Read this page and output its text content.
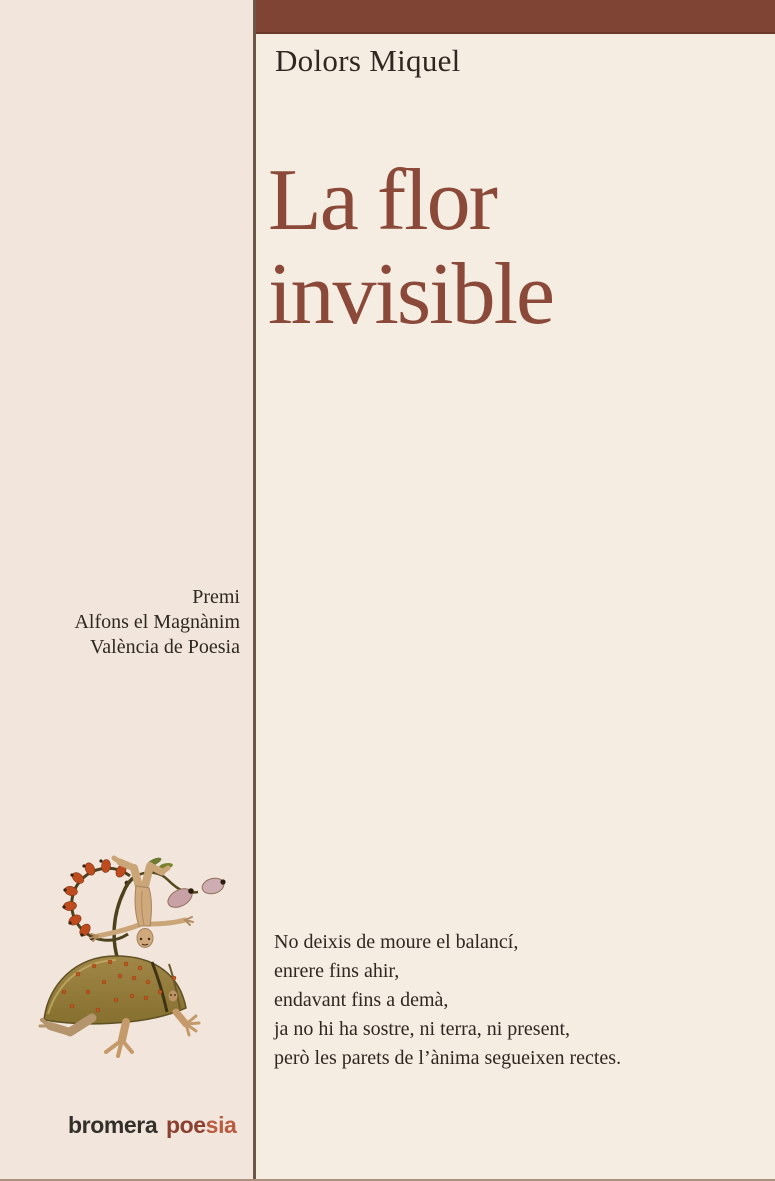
Dolors Miquel
La flor
invisible
Premi
Alfons el Magnànim
València de Poesia
No deixis de moure el balancí,
enrere fins ahir,
endavant fins a demà,
ja no hi ha sostre, ni terra, ni present,
però les parets de l’ànima segueixen rectes.
bromera poesia
